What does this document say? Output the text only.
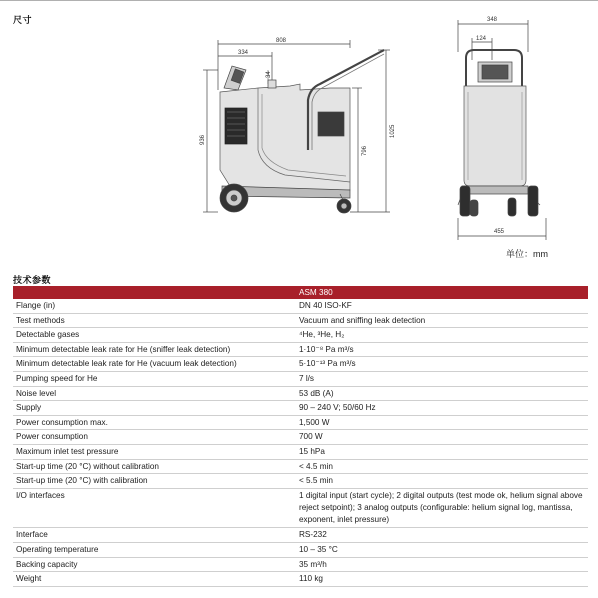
尺寸
808
334
34
936
796
1025
348
124
455
单位：mm
技术参数
	ASM 380
Flange (in)	DN 40 ISO-KF
Test methods	Vacuum and sniffing leak detection
Detectable gases	⁴He, ³He, H₂
Minimum detectable leak rate for He (sniffer leak detection)	1·10⁻⁸ Pa m³/s
Minimum detectable leak rate for He (vacuum leak detection)	5·10⁻¹³ Pa m³/s
Pumping speed for He	7 l/s
Noise level	53 dB (A)
Supply	90 – 240 V; 50/60 Hz
Power consumption max.	1,500 W
Power consumption	700 W
Maximum inlet test pressure	15 hPa
Start-up time (20 °C) without calibration	< 4.5 min
Start-up time (20 °C) with calibration	< 5.5 min
I/O interfaces	1 digital input (start cycle); 2 digital outputs (test mode ok, helium signal above reject setpoint); 3 analog outputs (configurable: helium signal log, mantissa, exponent, inlet pressure)
Interface	RS-232
Operating temperature	10 – 35 °C
Backing capacity	35 m³/h
Weight	110 kg
